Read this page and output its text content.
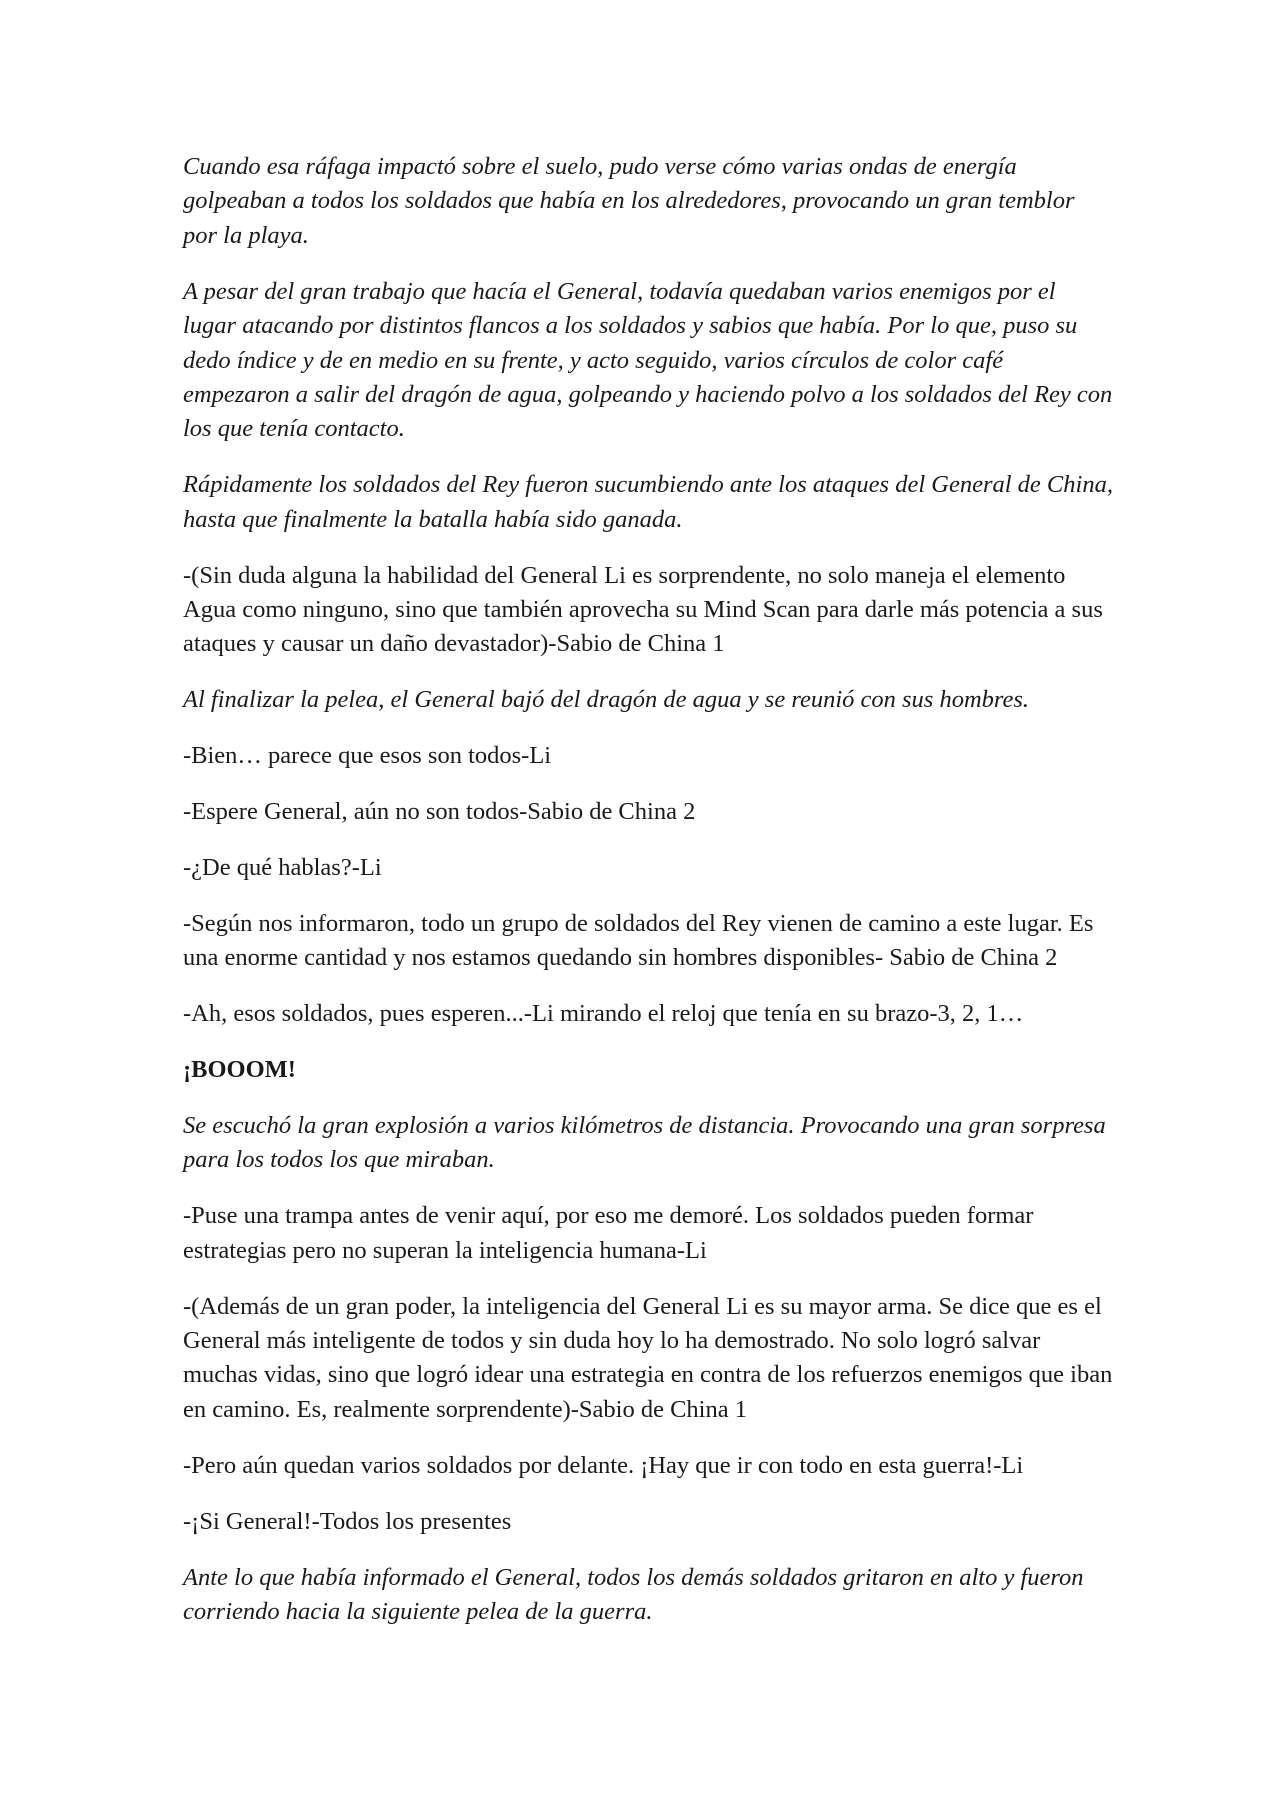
Cuando esa ráfaga impactó sobre el suelo, pudo verse cómo varias ondas de energía golpeaban a todos los soldados que había en los alrededores, provocando un gran temblor por la playa.

A pesar del gran trabajo que hacía el General, todavía quedaban varios enemigos por el lugar atacando por distintos flancos a los soldados y sabios que había. Por lo que, puso su dedo índice y de en medio en su frente, y acto seguido, varios círculos de color café empezaron a salir del dragón de agua, golpeando y haciendo polvo a los soldados del Rey con los que tenía contacto.

Rápidamente los soldados del Rey fueron sucumbiendo ante los ataques del General de China, hasta que finalmente la batalla había sido ganada.

-(Sin duda alguna la habilidad del General Li es sorprendente, no solo maneja el elemento Agua como ninguno, sino que también aprovecha su Mind Scan para darle más potencia a sus ataques y causar un daño devastador)-Sabio de China 1

Al finalizar la pelea, el General bajó del dragón de agua y se reunió con sus hombres.

-Bien… parece que esos son todos-Li

-Espere General, aún no son todos-Sabio de China 2

-¿De qué hablas?-Li

-Según nos informaron, todo un grupo de soldados del Rey vienen de camino a este lugar. Es una enorme cantidad y nos estamos quedando sin hombres disponibles- Sabio de China 2

-Ah, esos soldados, pues esperen...-Li mirando el reloj que tenía en su brazo-3, 2, 1…

¡BOOOM!

Se escuchó la gran explosión a varios kilómetros de distancia. Provocando una gran sorpresa para los todos los que miraban.

-Puse una trampa antes de venir aquí, por eso me demoré. Los soldados pueden formar estrategias pero no superan la inteligencia humana-Li

-(Además de un gran poder, la inteligencia del General Li es su mayor arma. Se dice que es el General más inteligente de todos y sin duda hoy lo ha demostrado. No solo logró salvar muchas vidas, sino que logró idear una estrategia en contra de los refuerzos enemigos que iban en camino. Es, realmente sorprendente)-Sabio de China 1

-Pero aún quedan varios soldados por delante. ¡Hay que ir con todo en esta guerra!-Li

-¡Si General!-Todos los presentes

Ante lo que había informado el General, todos los demás soldados gritaron en alto y fueron corriendo hacia la siguiente pelea de la guerra.
